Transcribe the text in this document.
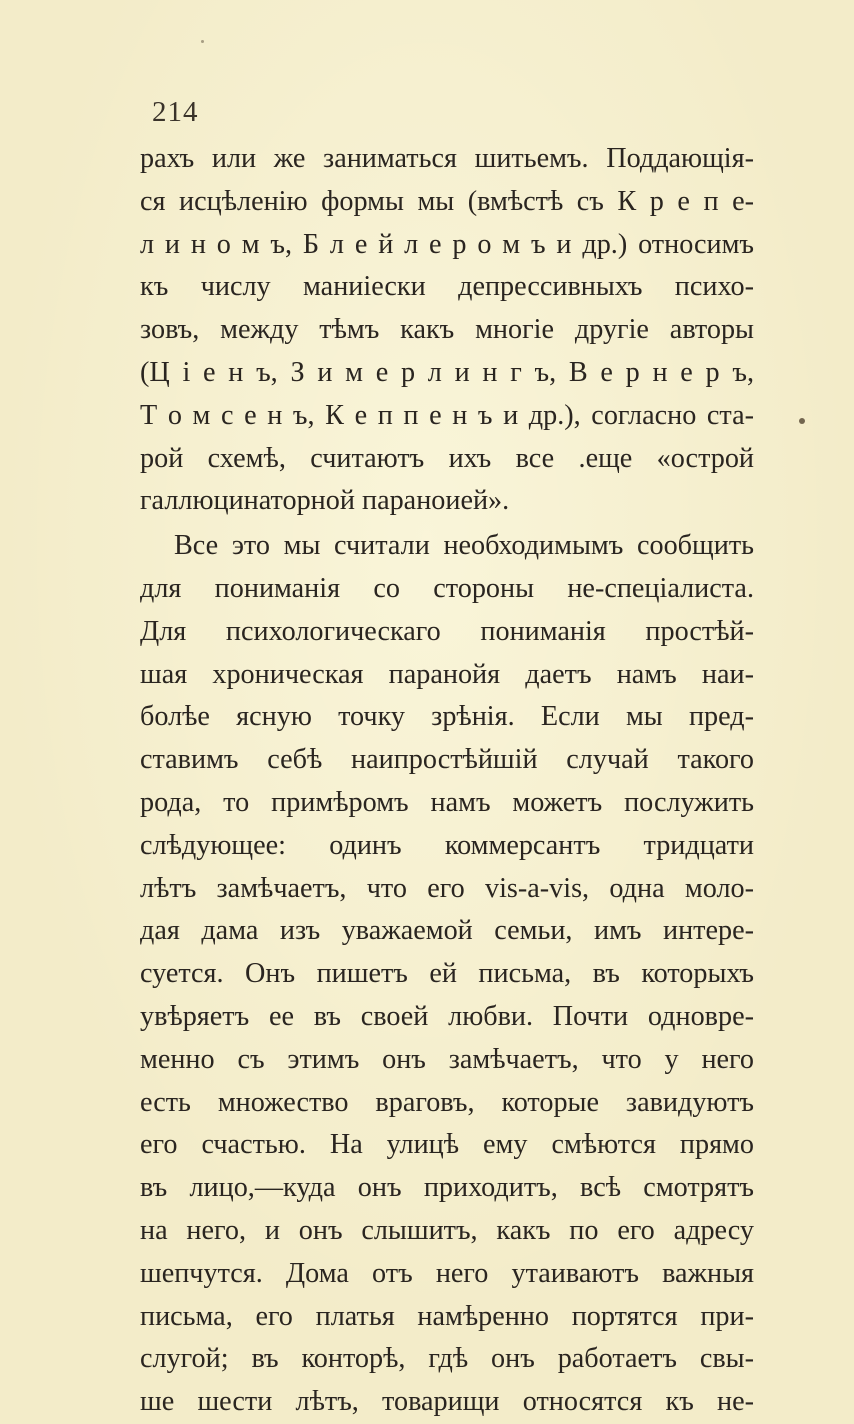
214
рахъ или же заниматься шитьемъ. Поддающія-
ся исцѣленію формы мы (вмѣстѣ съ К р е п е-
л и н о м ъ, Б л е й л е р о м ъ и др.) относимъ
къ числу маниіески депрессивныхъ психо-
зовъ, между тѣмъ какъ многіе другіе авторы
(Ц і е н ъ, З и м е р л и н г ъ, В е р н е р ъ,
Т о м с е н ъ, К е п п е н ъ и др.), согласно ста-
рой схемѣ, считаютъ ихъ все .еще «острой
галлюцинаторной параноией».
Все это мы считали необходимымъ сообщить
для пониманія со стороны не-спеціалиста.
Для психологическаго пониманія простѣй-
шая хроническая паранойя даетъ намъ наи-
болѣе ясную точку зрѣнія. Если мы пред-
ставимъ себѣ наипростѣйшій случай такого
рода, то примѣромъ намъ можетъ послужить
слѣдующее: одинъ коммерсантъ тридцати
лѣтъ замѣчаетъ, что его vis-a-vis, одна моло-
дая дама изъ уважаемой семьи, имъ интере-
суется. Онъ пишетъ ей письма, въ которыхъ
увѣряетъ ее въ своей любви. Почти одновре-
менно съ этимъ онъ замѣчаетъ, что у него
есть множество враговъ, которые завидуютъ
его счастью. На улицѣ ему смѣются прямо
въ лицо,—куда онъ приходитъ, всѣ смотрятъ
на него, и онъ слышитъ, какъ по его адресу
шепчутся. Дома отъ него утаиваютъ важныя
письма, его платья намѣренно портятся при-
слугой; въ конторѣ, гдѣ онъ работаетъ свы-
ше шести лѣтъ, товарищи относятся къ не-
